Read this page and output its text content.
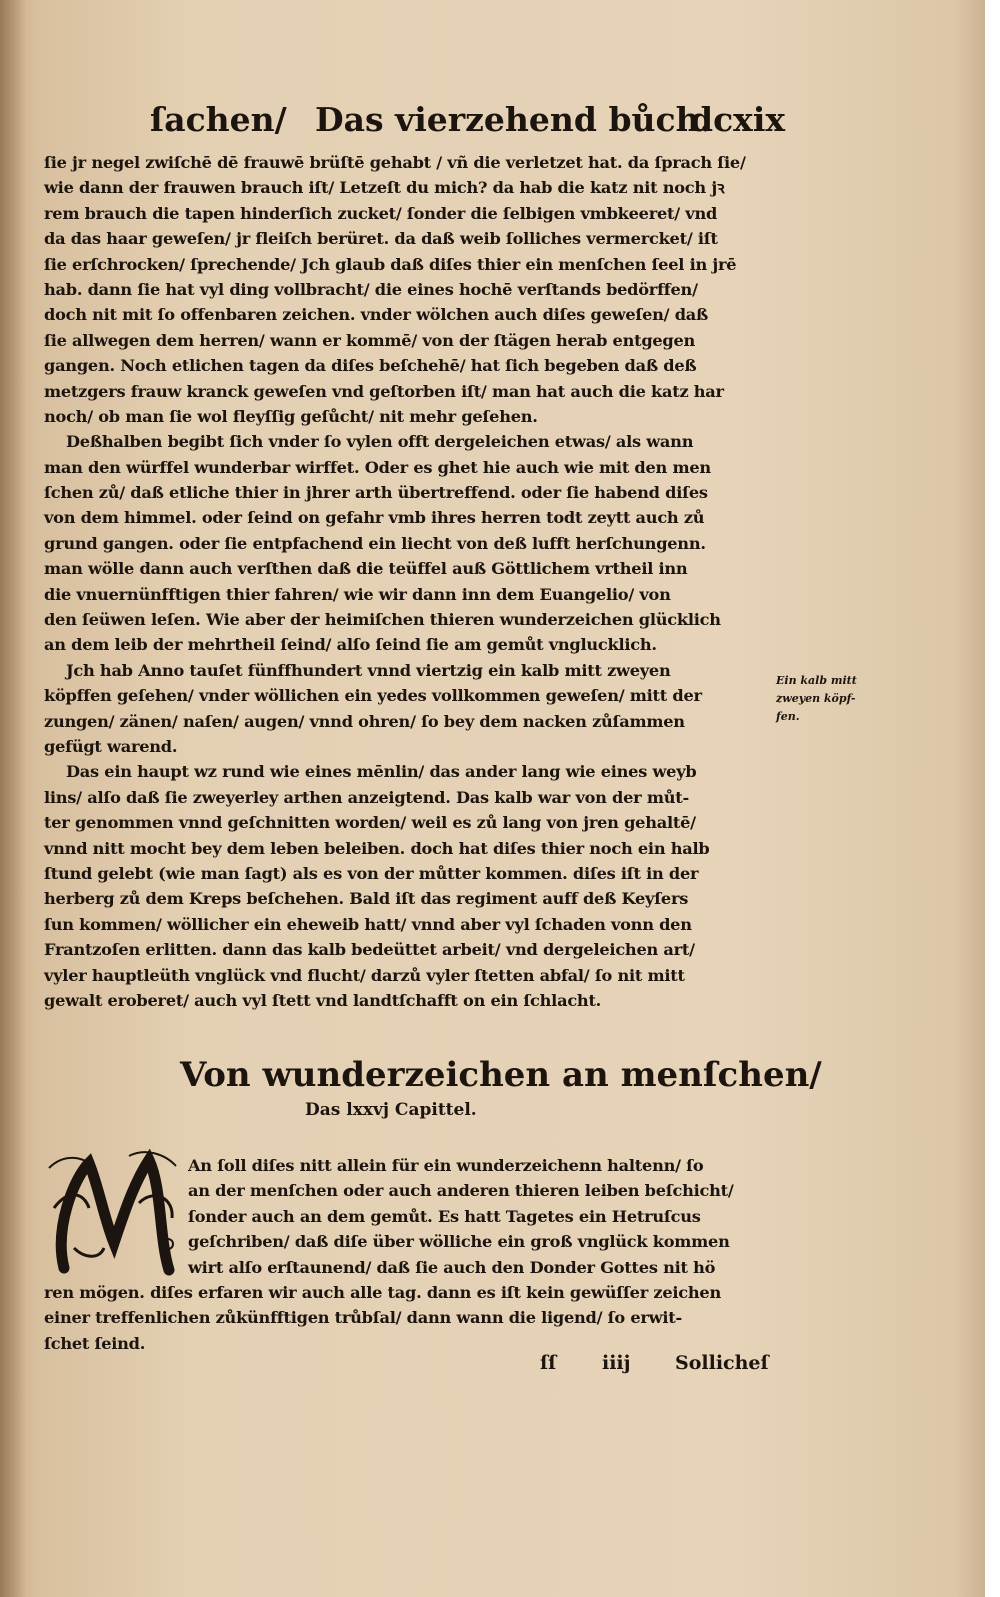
ſachen/ Das vierzehend bůch.
dcxix
ſie jr negel zwiſchē dē frauwē brüſtē gehabt / vñ die verletzet hat. da ſprach ſie/
wie dann der frauwen brauch iſt/ Letzeſt du mich? da hab die katz nit noch jꝛ
rem brauch die tapen hinderſich zucket/ ſonder die ſelbigen vmbkeeret/ vnd
da das haar geweſen/ jr fleiſch berüret. da daß weib ſolliches vermercket/ iſt
ſie erſchrocken/ ſprechende/ Jch glaub daß diſes thier ein menſchen ſeel in jrē
hab. dann ſie hat vyl ding vollbracht/ die eines hochē verſtands bedörffen/
doch nit mit ſo offenbaren zeichen. vnder wölchen auch diſes geweſen/ daß
ſie allwegen dem herren/ wann er kommē/ von der ſtägen herab entgegen
gangen. Noch etlichen tagen da diſes beſchehē/ hat ſich begeben daß deß
metzgers frauw kranck geweſen vnd geſtorben iſt/ man hat auch die katz har
noch/ ob man ſie wol fleyſſig geſůcht/ nit mehr geſehen.
Deßhalben begibt ſich vnder ſo vylen offt dergeleichen etwas/ als wann
man den würffel wunderbar wirffet. Oder es ghet hie auch wie mit den men
ſchen zů/ daß etliche thier in jhrer arth übertreffend. oder ſie habend diſes
von dem himmel. oder ſeind on gefahr vmb ihres herren todt zeytt auch zů
grund gangen. oder ſie entpfachend ein liecht von deß lufft herſchungenn.
man wölle dann auch verſthen daß die teüffel auß Göttlichem vrtheil inn
die vnuernünfftigen thier fahren/ wie wir dann inn dem Euangelio/ von
den ſeüwen leſen. Wie aber der heimiſchen thieren wunderzeichen glücklich
an dem leib der mehrtheil ſeind/ alſo ſeind ſie am gemůt vnglucklich.
Jch hab Anno tauſet fünffhundert vnnd viertzig ein kalb mitt zweyen
köpffen geſehen/ vnder wöllichen ein yedes vollkommen geweſen/ mitt der
zungen/ zänen/ naſen/ augen/ vnnd ohren/ ſo bey dem nacken zůſammen
gefügt warend.
Das ein haupt wz rund wie eines mēnlin/ das ander lang wie eines weyb
lins/ alſo daß ſie zweyerley arthen anzeigtend. Das kalb war von der můt-
ter genommen vnnd geſchnitten worden/ weil es zů lang von jren gehaltē/
vnnd nitt mocht bey dem leben beleiben. doch hat diſes thier noch ein halb
ſtund gelebt (wie man ſagt) als es von der můtter kommen. diſes iſt in der
herberg zů dem Kreps beſchehen. Bald iſt das regiment auff deß Keyſers
ſun kommen/ wöllicher ein eheweib hatt/ vnnd aber vyl ſchaden vonn den
Frantzoſen erlitten. dann das kalb bedeüttet arbeit/ vnd dergeleichen art/
vyler hauptleüth vnglück vnd flucht/ darzů vyler ſtetten abfal/ ſo nit mitt
gewalt eroberet/ auch vyl ſtett vnd landtſchafft on ein ſchlacht.
Ein kalb mitt
zweyen köpf-
fen.
Von wunderzeichen an menſchen/
Das lxxvj Capittel.
An ſoll diſes nitt allein für ein wunderzeichenn haltenn/ ſo
an der menſchen oder auch anderen thieren leiben beſchicht/
ſonder auch an dem gemůt. Es hatt Tagetes ein Hetruſcus
geſchriben/ daß diſe über wölliche ein groß vnglück kommen
wirt alſo erſtaunend/ daß ſie auch den Donder Gottes nit hö
ren mögen. diſes erfaren wir auch alle tag. dann es iſt kein gewüſſer zeichen
einer treffenlichen zůkünfftigen trůbſal/ dann wann die ligend/ ſo erwit-
ſchet ſeind.
ſſ iiij Sollicheſ
